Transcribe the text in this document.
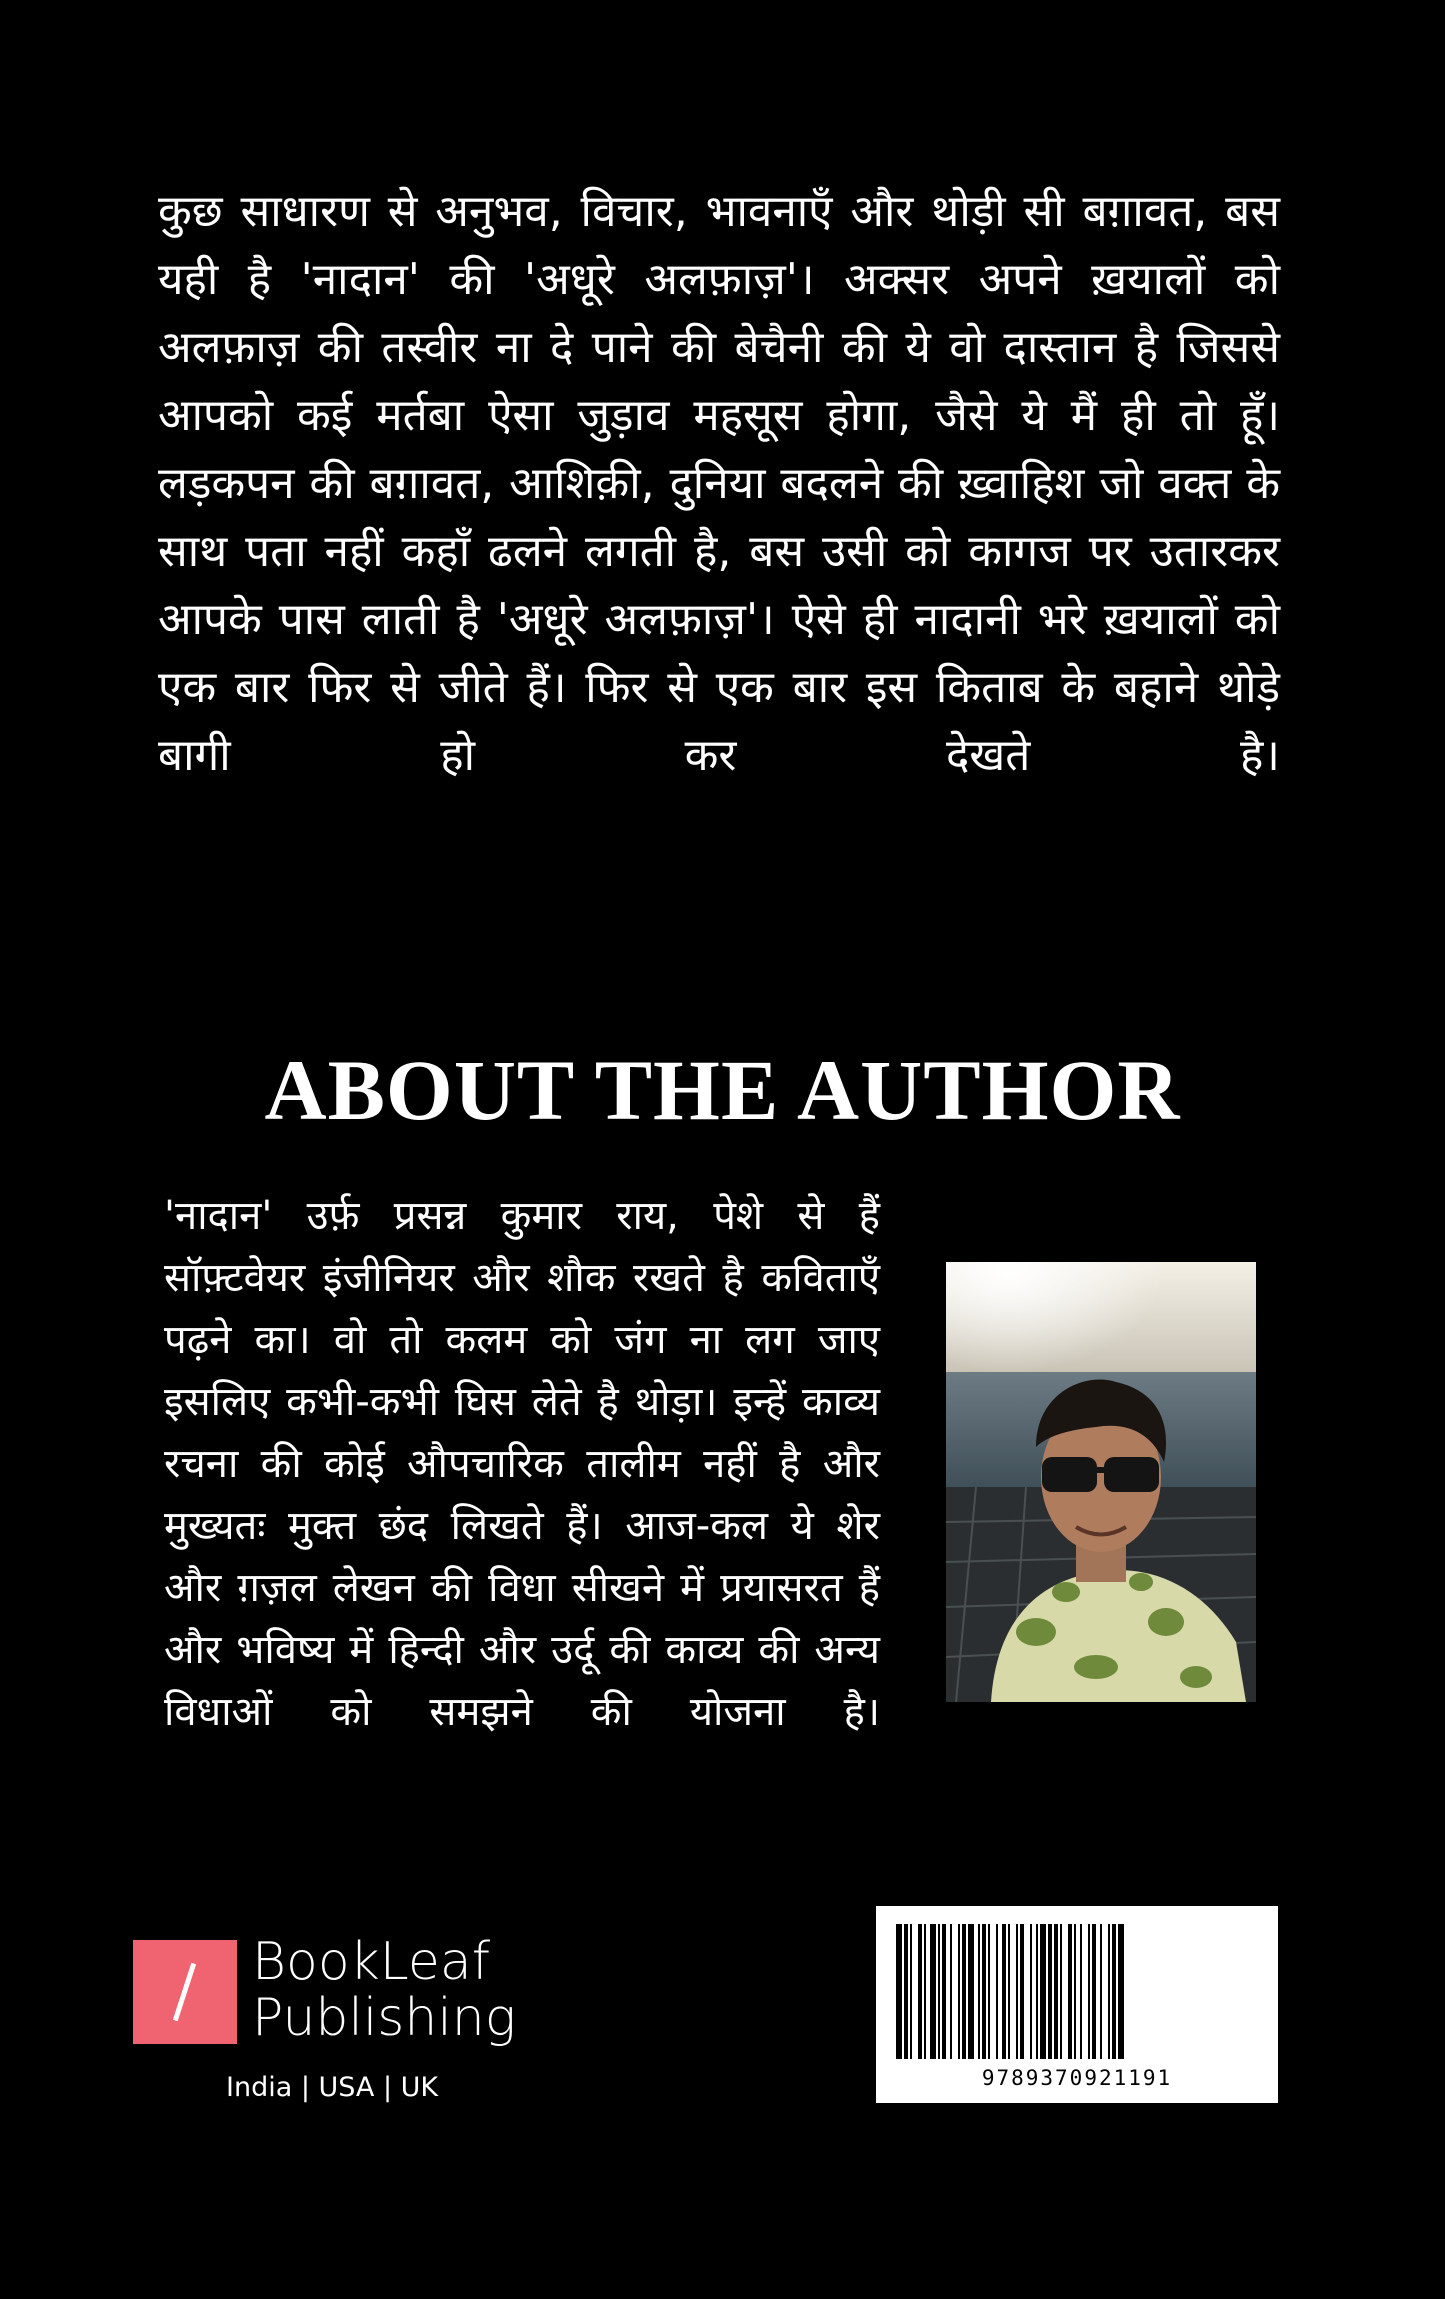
कुछ साधारण से अनुभव, विचार, भावनाएँ और थोड़ी सी बग़ावत, बस यही है 'नादान' की 'अधूरे अलफ़ाज़'। अक्सर अपने ख़यालों को अलफ़ाज़ की तस्वीर ना दे पाने की बेचैनी की ये वो दास्तान है जिससे आपको कई मर्तबा ऐसा जुड़ाव महसूस होगा, जैसे ये मैं ही तो हूँ। लड़कपन की बग़ावत, आशिक़ी, दुनिया बदलने की ख़्वाहिश जो वक्त के साथ पता नहीं कहाँ ढलने लगती है, बस उसी को कागज पर उतारकर आपके पास लाती है 'अधूरे अलफ़ाज़'। ऐसे ही नादानी भरे ख़यालों को एक बार फिर से जीते हैं। फिर से एक बार इस किताब के बहाने थोड़े बागी हो कर देखते है।

ABOUT THE AUTHOR

'नादान' उर्फ़ प्रसन्न कुमार राय, पेशे से हैं सॉफ़्टवेयर इंजीनियर और शौक रखते है कविताएँ पढ़ने का। वो तो कलम को जंग ना लग जाए इसलिए कभी-कभी घिस लेते है थोड़ा। इन्हें काव्य रचना की कोई औपचारिक तालीम नहीं है और मुख्यतः मुक्त छंद लिखते हैं। आज-कल ये शेर और ग़ज़ल लेखन की विधा सीखने में प्रयासरत हैं और भविष्य में हिन्दी और उर्दू की काव्य की अन्य विधाओं को समझने की योजना है।

BookLeaf
Publishing
India | USA | UK	9789370921191
